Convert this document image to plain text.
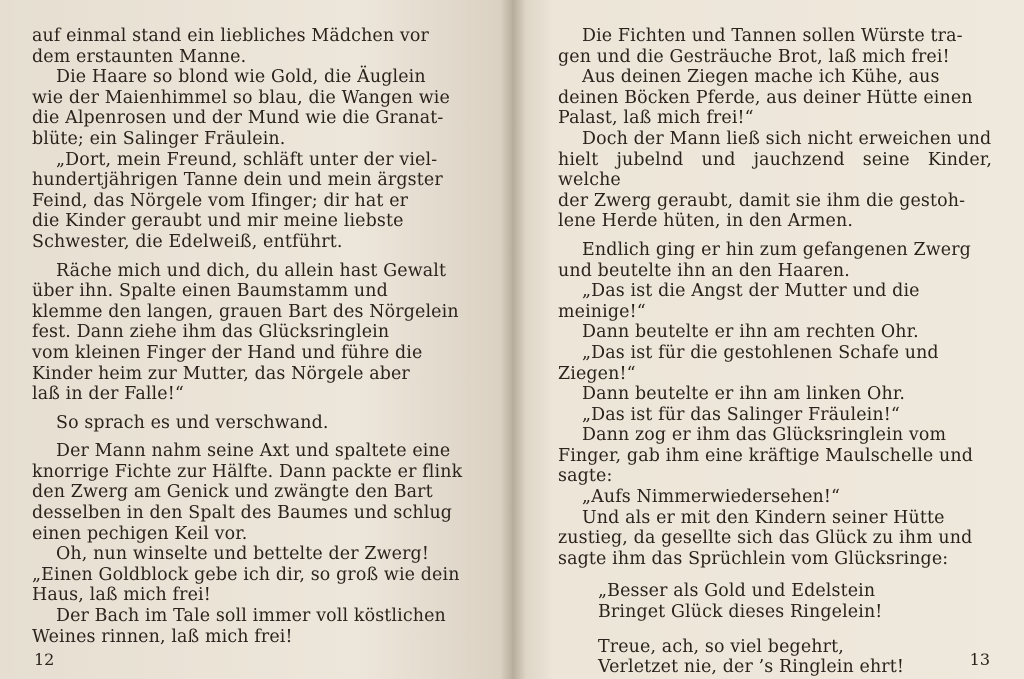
auf einmal stand ein liebliches Mädchen vor

dem erstaunten Manne.

Die Haare so blond wie Gold, die Äuglein

wie der Maienhimmel so blau, die Wangen wie

die Alpenrosen und der Mund wie die Granat-

blüte; ein Salinger Fräulein.

„Dort, mein Freund, schläft unter der viel-

hundertjährigen Tanne dein und mein ärgster

Feind, das Nörgele vom Ifinger; dir hat er

die Kinder geraubt und mir meine liebste

Schwester, die Edelweiß, entführt.

Räche mich und dich, du allein hast Gewalt

über ihn. Spalte einen Baumstamm und

klemme den langen, grauen Bart des Nörgelein

fest. Dann ziehe ihm das Glücksringlein

vom kleinen Finger der Hand und führe die

Kinder heim zur Mutter, das Nörgele aber

laß in der Falle!“

So sprach es und verschwand.

Der Mann nahm seine Axt und spaltete eine

knorrige Fichte zur Hälfte. Dann packte er flink

den Zwerg am Genick und zwängte den Bart

desselben in den Spalt des Baumes und schlug

einen pechigen Keil vor.

Oh, nun winselte und bettelte der Zwerg!

„Einen Goldblock gebe ich dir, so groß wie dein

Haus, laß mich frei!

Der Bach im Tale soll immer voll köstlichen

Weines rinnen, laß mich frei!

12

Die Fichten und Tannen sollen Würste tra-

gen und die Gesträuche Brot, laß mich frei!

Aus deinen Ziegen mache ich Kühe, aus

deinen Böcken Pferde, aus deiner Hütte einen

Palast, laß mich frei!“

Doch der Mann ließ sich nicht erweichen und

hielt jubelnd und jauchzend seine Kinder, welche

der Zwerg geraubt, damit sie ihm die gestoh-

lene Herde hüten, in den Armen.

Endlich ging er hin zum gefangenen Zwerg

und beutelte ihn an den Haaren.

„Das ist die Angst der Mutter und die

meinige!“

Dann beutelte er ihn am rechten Ohr.

„Das ist für die gestohlenen Schafe und

Ziegen!“

Dann beutelte er ihn am linken Ohr.

„Das ist für das Salinger Fräulein!“

Dann zog er ihm das Glücksringlein vom

Finger, gab ihm eine kräftige Maulschelle und

sagte:

„Aufs Nimmerwiedersehen!“

Und als er mit den Kindern seiner Hütte

zustieg, da gesellte sich das Glück zu ihm und

sagte ihm das Sprüchlein vom Glücksringe:

„Besser als Gold und Edelstein

Bringet Glück dieses Ringelein!

Treue, ach, so viel begehrt,

Verletzet nie, der ’s Ringlein ehrt!	13
